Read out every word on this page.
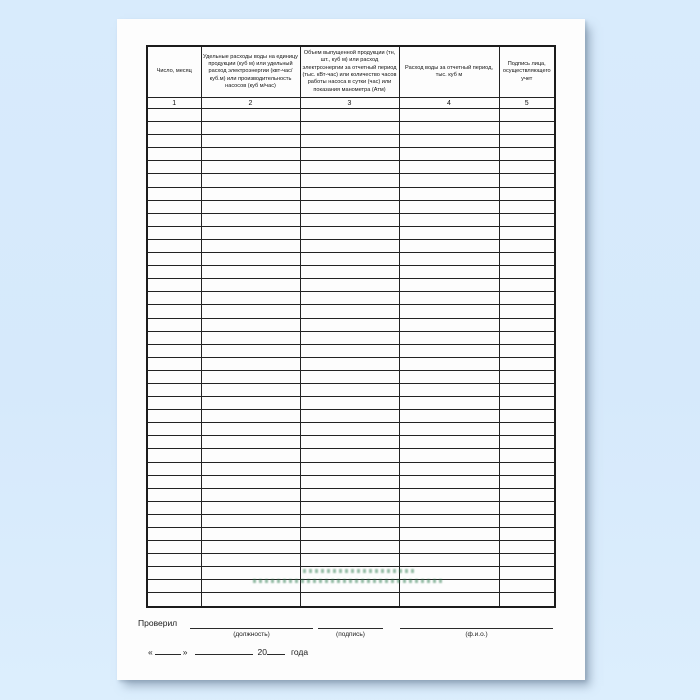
Число, месяц	Удельные расходы воды на единицу продукции (куб м) или удельный расход электроэнергии (квт-час/куб.м) или производительность насосов (куб м/час)	Объем выпущенной продукции (тн, шт., куб м) или расход электроэнергии за отчетный период (тыс. кВт-час) или количество часов работы насоса в сутки (час) или показания манометра (Атм)	Расход воды за отчетный период, тыс. куб м	Подпись лица, осуществляющего учет
1	2	3	4	5

Проверил
(должность)	(подпись)	(ф.и.о.)
«	»	20	года
